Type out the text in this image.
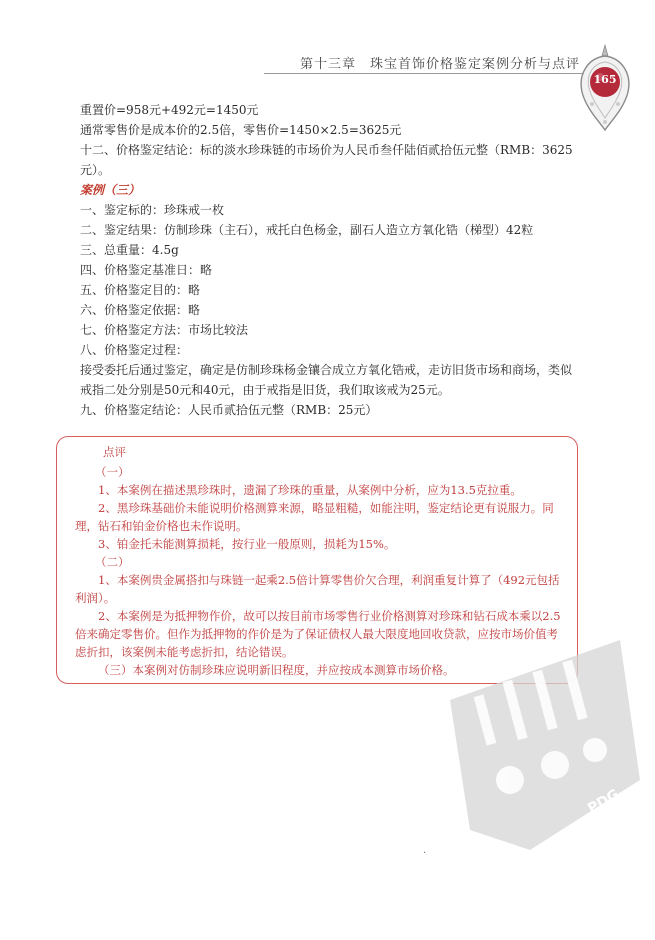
第十三章　珠宝首饰价格鉴定案例分析与点评
165

重置价=958元+492元=1450元

通常零售价是成本价的2.5倍，零售价=1450×2.5=3625元

十二、价格鉴定结论：标的淡水珍珠链的市场价为人民币叁仟陆佰贰拾伍元整（RMB：3625元）。

案例（三）

一、鉴定标的：珍珠戒一枚

二、鉴定结果：仿制珍珠（主石），戒托白色杨金，副石人造立方氧化锆（梯型）42粒

三、总重量：4.5g

四、价格鉴定基准日：略

五、价格鉴定目的：略

六、价格鉴定依据：略

七、价格鉴定方法：市场比较法

八、价格鉴定过程：

接受委托后通过鉴定，确定是仿制珍珠杨金镶合成立方氧化锆戒，走访旧货市场和商场，类似戒指二处分别是50元和40元，由于戒指是旧货，我们取该戒为25元。

九、价格鉴定结论：人民币贰拾伍元整（RMB：25元）

点评

（一）

1、本案例在描述黑珍珠时，遗漏了珍珠的重量，从案例中分析，应为13.5克拉重。

2、黑珍珠基础价未能说明价格测算来源，略显粗糙，如能注明，鉴定结论更有说服力。同理，钻石和铂金价格也未作说明。

3、铂金托未能测算损耗，按行业一般原则，损耗为15%。

（二）

1、本案例贵金属搭扣与珠链一起乘2.5倍计算零售价欠合理，利润重复计算了（492元包括利润）。

2、本案例是为抵押物作价，故可以按目前市场零售行业价格测算对珍珠和钻石成本乘以2.5倍来确定零售价。但作为抵押物的作价是为了保证债权人最大限度地回收贷款，应按市场价值考虑折扣，该案例未能考虑折扣，结论错误。

（三）本案例对仿制珍珠应说明新旧程度，并应按成本测算市场价格。

PDG
·
